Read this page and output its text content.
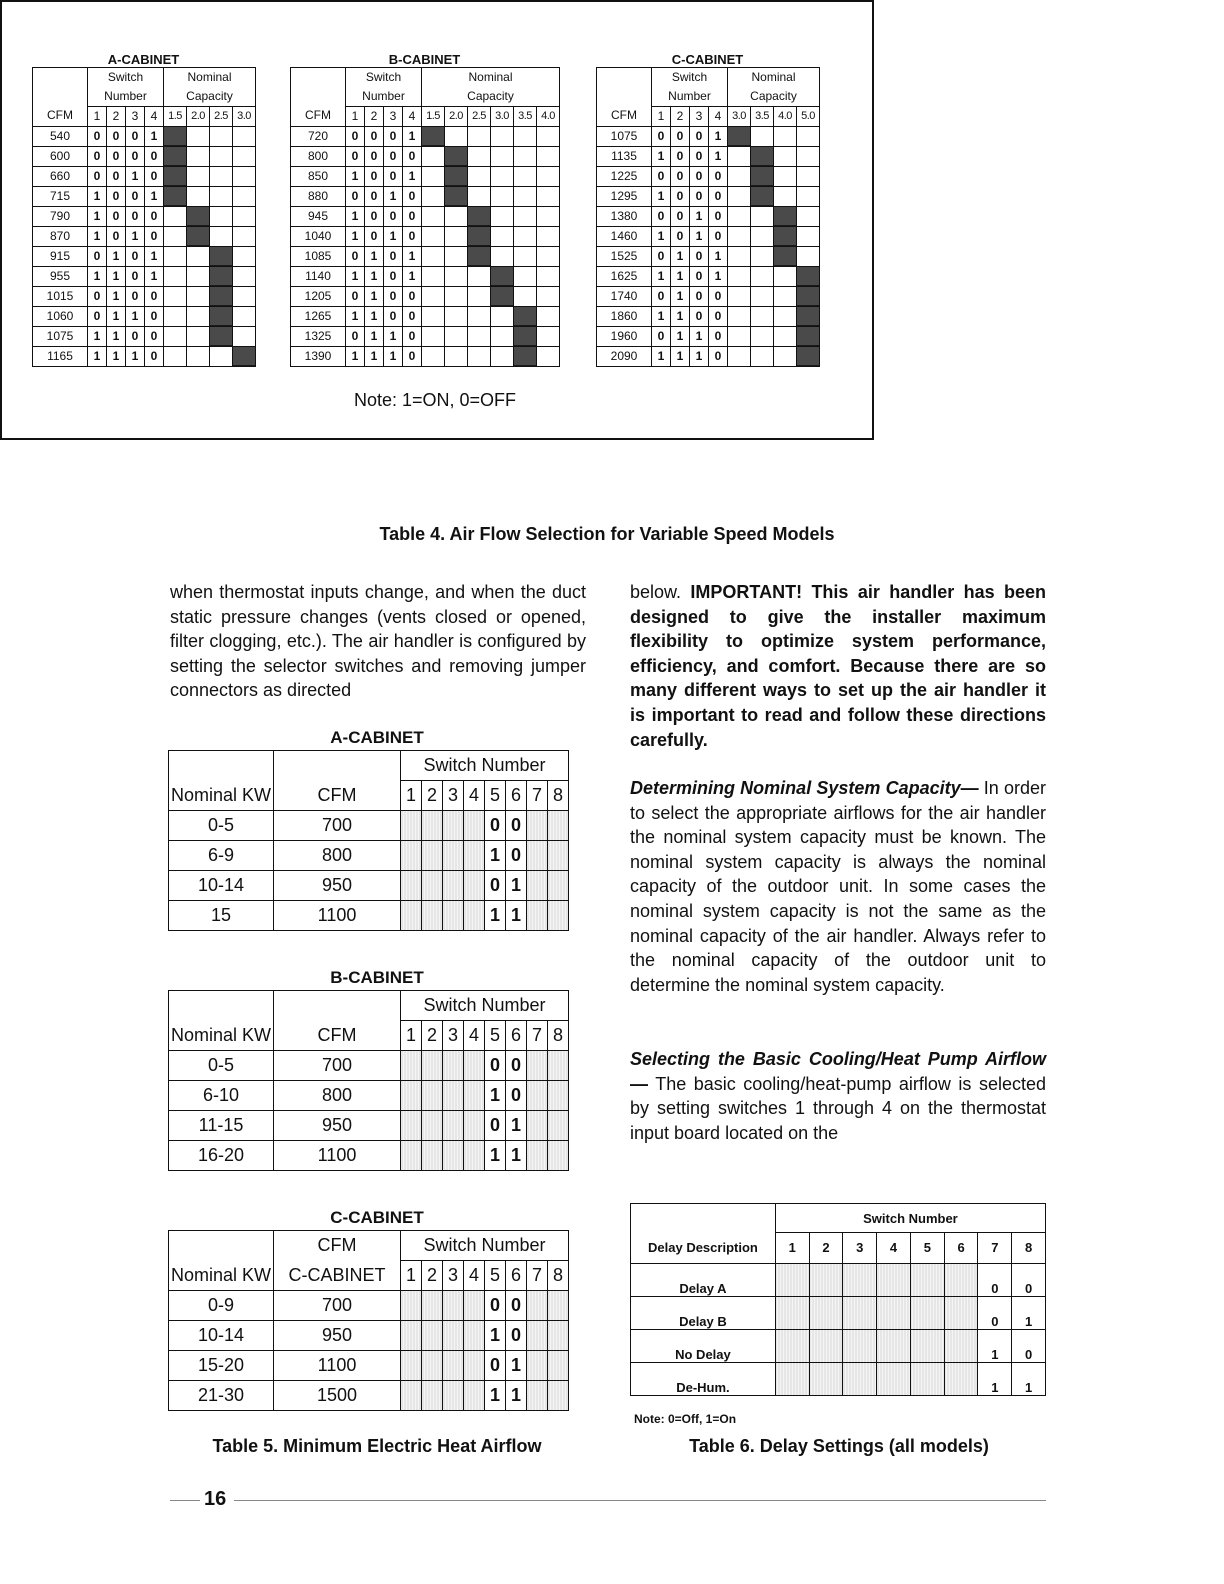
A-CABINET
	Switch				Nominal			
	Number				Capacity			
CFM	1	2	3	4	1.5	2.0	2.5	3.0
540	0	0	0	1				
600	0	0	0	0				
660	0	0	1	0				
715	1	0	0	1				
790	1	0	0	0				
870	1	0	1	0				
915	0	1	0	1				
955	1	1	0	1				
1015	0	1	0	0				
1060	0	1	1	0				
1075	1	1	0	0				
1165	1	1	1	0				
B-CABINET
	Switch				Nominal					
	Number				Capacity					
CFM	1	2	3	4	1.5	2.0	2.5	3.0	3.5	4.0
720	0	0	0	1						
800	0	0	0	0						
850	1	0	0	1						
880	0	0	1	0						
945	1	0	0	0						
1040	1	0	1	0						
1085	0	1	0	1						
1140	1	1	0	1						
1205	0	1	0	0						
1265	1	1	0	0						
1325	0	1	1	0						
1390	1	1	1	0						
C-CABINET
	Switch				Nominal			
	Number				Capacity			
CFM	1	2	3	4	3.0	3.5	4.0	5.0
1075	0	0	0	1				
1135	1	0	0	1				
1225	0	0	0	0				
1295	1	0	0	0				
1380	0	0	1	0				
1460	1	0	1	0				
1525	0	1	0	1				
1625	1	1	0	1				
1740	0	1	0	0				
1860	1	1	0	0				
1960	0	1	1	0				
2090	1	1	1	0				
Note: 1=ON, 0=OFF
Table 4. Air Flow Selection for Variable Speed Models
when thermostat inputs change, and when the duct static pressure changes (vents closed or opened, filter clogging, etc.). The air handler is configured by setting the selector switches and removing jumper connectors as directed
A-CABINET
		Switch Number							
Nominal KW	CFM	1	2	3	4	5	6	7	8
0-5	700					0	0		
6-9	800					1	0		
10-14	950					0	1		
15	1100					1	1		
B-CABINET
		Switch Number							
Nominal KW	CFM	1	2	3	4	5	6	7	8
0-5	700					0	0		
6-10	800					1	0		
11-15	950					0	1		
16-20	1100					1	1		
C-CABINET
	CFM	Switch Number							
Nominal KW	C-CABINET	1	2	3	4	5	6	7	8
0-9	700					0	0		
10-14	950					1	0		
15-20	1100					0	1		
21-30	1500					1	1		
Table 5. Minimum Electric Heat Airflow
below. IMPORTANT! This air handler has been designed to give the installer maximum flexibility to optimize system performance, efficiency, and comfort. Because there are so many different ways to set up the air handler it is important to read and follow these directions carefully.
Determining Nominal System Capacity— In order to select the appropriate airflows for the air handler the nominal system capacity must be known. The nominal system capacity is always the nominal capacity of the outdoor unit. In some cases the nominal system capacity is not the same as the nominal capacity of the air handler. Always refer to the nominal capacity of the outdoor unit to determine the nominal system capacity.
Selecting the Basic Cooling/Heat Pump Airflow— The basic cooling/heat-pump airflow is selected by setting switches 1 through 4 on the thermostat input board located on the
	Switch Number							
Delay Description	1	2	3	4	5	6	7	8
Delay A							0	0
Delay B							0	1
No Delay							1	0
De-Hum.							1	1
Note: 0=Off, 1=On
Table 6. Delay Settings (all models)
16
